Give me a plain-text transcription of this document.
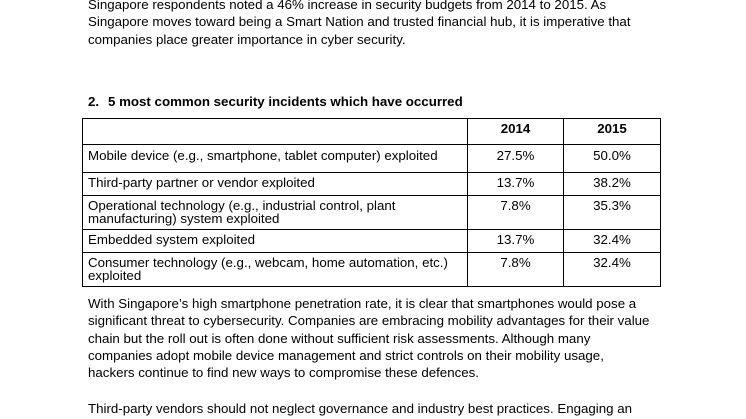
Singapore respondents noted a 46% increase in security budgets from 2014 to 2015. As
Singapore moves toward being a Smart Nation and trusted financial hub, it is imperative that
companies place greater importance in cyber security.
2. 5 most common security incidents which have occurred
	2014	2015

Mobile device (e.g., smartphone, tablet computer) exploited	27.5%	50.0%

Third-party partner or vendor exploited	13.7%	38.2%

Operational technology (e.g., industrial control, plant
manufacturing) system exploited	7.8%	35.3%

Embedded system exploited	13.7%	32.4%

Consumer technology (e.g., webcam, home automation, etc.)
exploited	7.8%	32.4%
With Singapore’s high smartphone penetration rate, it is clear that smartphones would pose a
significant threat to cybersecurity. Companies are embracing mobility advantages for their value
chain but the roll out is often done without sufficient risk assessments. Although many
companies adopt mobile device management and strict controls on their mobility usage,
hackers continue to find new ways to compromise these defences.
Third-party vendors should not neglect governance and industry best practices. Engaging an
